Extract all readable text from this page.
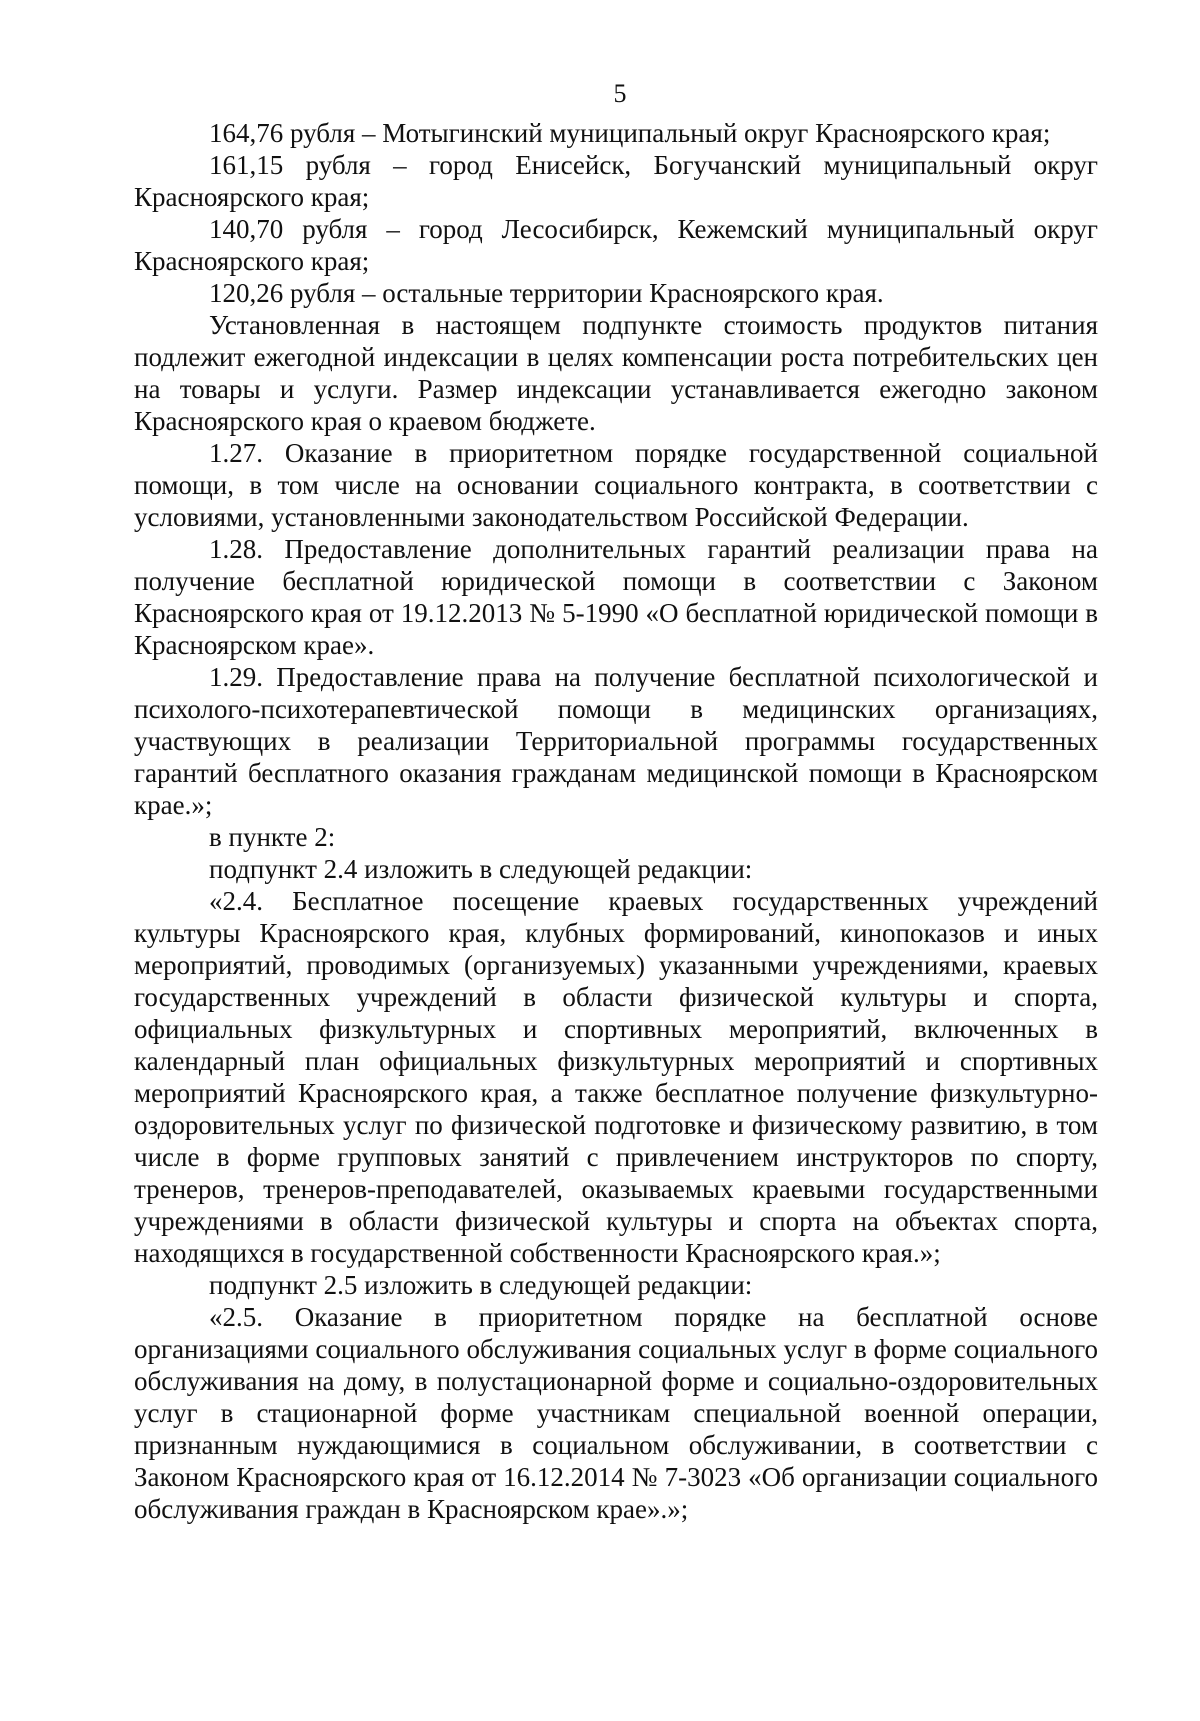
5

164,76 рубля – Мотыгинский муниципальный округ Красноярского края;

161,15 рубля – город Енисейск, Богучанский муниципальный округ Красноярского края;

140,70 рубля – город Лесосибирск, Кежемский муниципальный округ Красноярского края;

120,26 рубля – остальные территории Красноярского края.

Установленная в настоящем подпункте стоимость продуктов питания подлежит ежегодной индексации в целях компенсации роста потребительских цен на товары и услуги. Размер индексации устанавливается ежегодно законом Красноярского края о краевом бюджете.

1.27. Оказание в приоритетном порядке государственной социальной помощи, в том числе на основании социального контракта, в соответствии с условиями, установленными законодательством Российской Федерации.

1.28. Предоставление дополнительных гарантий реализации права на получение бесплатной юридической помощи в соответствии с Законом Красноярского края от 19.12.2013 № 5-1990 «О бесплатной юридической помощи в Красноярском крае».

1.29. Предоставление права на получение бесплатной психологической и психолого-психотерапевтической помощи в медицинских организациях, участвующих в реализации Территориальной программы государственных гарантий бесплатного оказания гражданам медицинской помощи в Красноярском крае.»;

в пункте 2:

подпункт 2.4 изложить в следующей редакции:

«2.4. Бесплатное посещение краевых государственных учреждений культуры Красноярского края, клубных формирований, кинопоказов и иных мероприятий, проводимых (организуемых) указанными учреждениями, краевых государственных учреждений в области физической культуры и спорта, официальных физкультурных и спортивных мероприятий, включенных в календарный план официальных физкультурных мероприятий и спортивных мероприятий Красноярского края, а также бесплатное получение физкультурно-оздоровительных услуг по физической подготовке и физическому развитию, в том числе в форме групповых занятий с привлечением инструкторов по спорту, тренеров, тренеров-преподавателей, оказываемых краевыми государственными учреждениями в области физической культуры и спорта на объектах спорта, находящихся в государственной собственности Красноярского края.»;

подпункт 2.5 изложить в следующей редакции:

«2.5. Оказание в приоритетном порядке на бесплатной основе организациями социального обслуживания социальных услуг в форме социального обслуживания на дому, в полустационарной форме и социально-оздоровительных услуг в стационарной форме участникам специальной военной операции, признанным нуждающимися в социальном обслуживании, в соответствии с Законом Красноярского края от 16.12.2014 № 7-3023 «Об организации социального обслуживания граждан в Красноярском крае».»;
